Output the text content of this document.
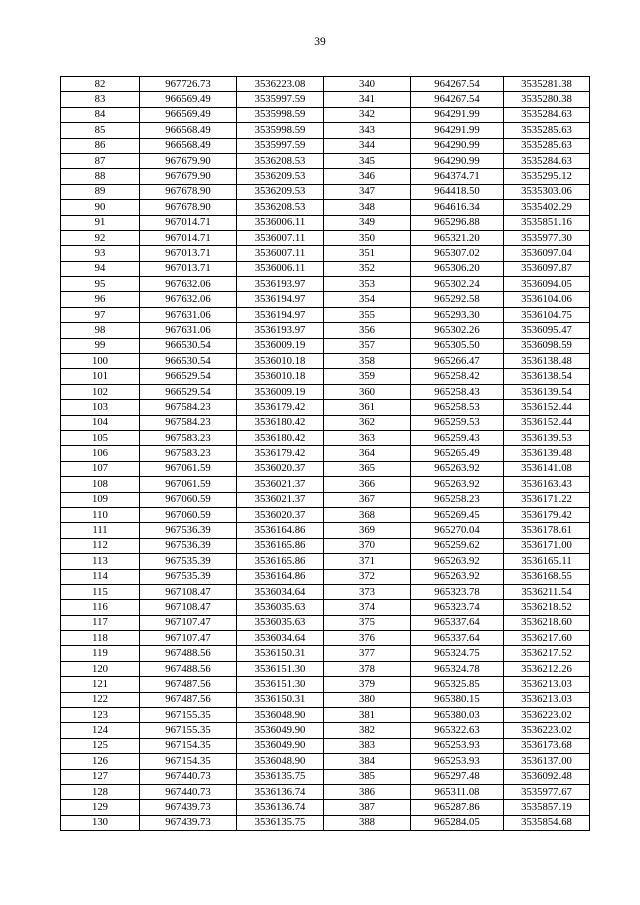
39
82	967726.73	3536223.08	340	964267.54	3535281.38
83	966569.49	3535997.59	341	964267.54	3535280.38
84	966569.49	3535998.59	342	964291.99	3535284.63
85	966568.49	3535998.59	343	964291.99	3535285.63
86	966568.49	3535997.59	344	964290.99	3535285.63
87	967679.90	3536208.53	345	964290.99	3535284.63
88	967679.90	3536209.53	346	964374.71	3535295.12
89	967678.90	3536209.53	347	964418.50	3535303.06
90	967678.90	3536208.53	348	964616.34	3535402.29
91	967014.71	3536006.11	349	965296.88	3535851.16
92	967014.71	3536007.11	350	965321.20	3535977.30
93	967013.71	3536007.11	351	965307.02	3536097.04
94	967013.71	3536006.11	352	965306.20	3536097.87
95	967632.06	3536193.97	353	965302.24	3536094.05
96	967632.06	3536194.97	354	965292.58	3536104.06
97	967631.06	3536194.97	355	965293.30	3536104.75
98	967631.06	3536193.97	356	965302.26	3536095.47
99	966530.54	3536009.19	357	965305.50	3536098.59
100	966530.54	3536010.18	358	965266.47	3536138.48
101	966529.54	3536010.18	359	965258.42	3536138.54
102	966529.54	3536009.19	360	965258.43	3536139.54
103	967584.23	3536179.42	361	965258.53	3536152.44
104	967584.23	3536180.42	362	965259.53	3536152.44
105	967583.23	3536180.42	363	965259.43	3536139.53
106	967583.23	3536179.42	364	965265.49	3536139.48
107	967061.59	3536020.37	365	965263.92	3536141.08
108	967061.59	3536021.37	366	965263.92	3536163.43
109	967060.59	3536021.37	367	965258.23	3536171.22
110	967060.59	3536020.37	368	965269.45	3536179.42
111	967536.39	3536164.86	369	965270.04	3536178.61
112	967536.39	3536165.86	370	965259.62	3536171.00
113	967535.39	3536165.86	371	965263.92	3536165.11
114	967535.39	3536164.86	372	965263.92	3536168.55
115	967108.47	3536034.64	373	965323.78	3536211.54
116	967108.47	3536035.63	374	965323.74	3536218.52
117	967107.47	3536035.63	375	965337.64	3536218.60
118	967107.47	3536034.64	376	965337.64	3536217.60
119	967488.56	3536150.31	377	965324.75	3536217.52
120	967488.56	3536151.30	378	965324.78	3536212.26
121	967487.56	3536151.30	379	965325.85	3536213.03
122	967487.56	3536150.31	380	965380.15	3536213.03
123	967155.35	3536048.90	381	965380.03	3536223.02
124	967155.35	3536049.90	382	965322.63	3536223.02
125	967154.35	3536049.90	383	965253.93	3536173.68
126	967154.35	3536048.90	384	965253.93	3536137.00
127	967440.73	3536135.75	385	965297.48	3536092.48
128	967440.73	3536136.74	386	965311.08	3535977.67
129	967439.73	3536136.74	387	965287.86	3535857.19
130	967439.73	3536135.75	388	965284.05	3535854.68
